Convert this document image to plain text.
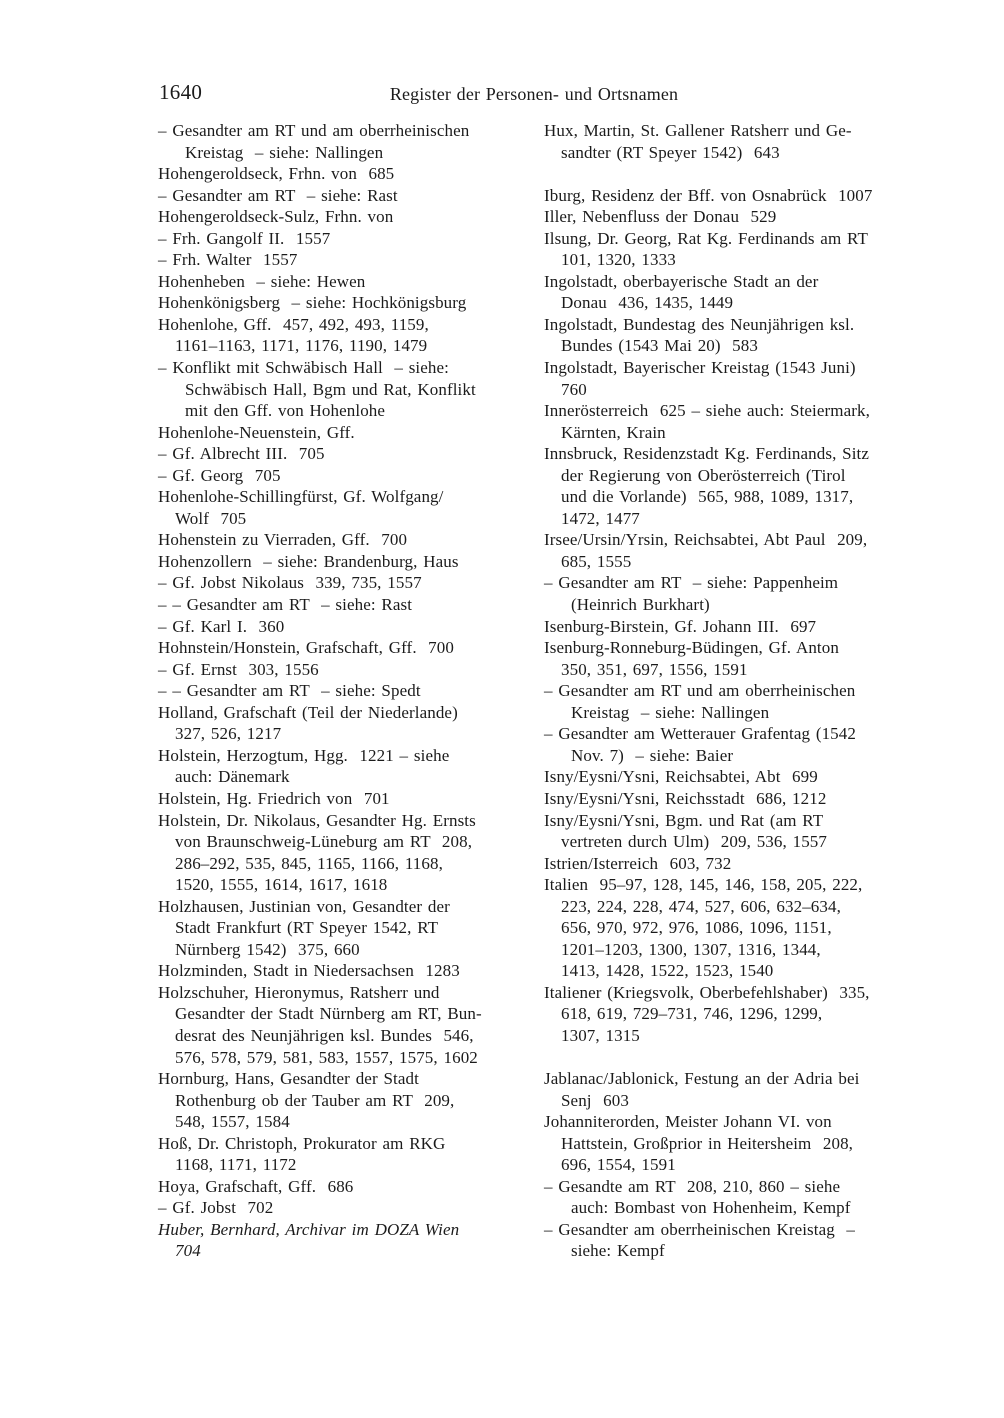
1640	Register der Personen- und Ortsnamen
– Gesandter am RT und am oberrheinischen
Kreistag  – siehe: Nallingen
Hohengeroldseck, Frhn. von  685
– Gesandter am RT  – siehe: Rast
Hohengeroldseck-Sulz, Frhn. von
– Frh. Gangolf II.  1557
– Frh. Walter  1557
Hohenheben  – siehe: Hewen
Hohenkönigsberg  – siehe: Hochkönigsburg
Hohenlohe, Gff.  457, 492, 493, 1159,
1161–1163, 1171, 1176, 1190, 1479
– Konflikt mit Schwäbisch Hall  – siehe:
Schwäbisch Hall, Bgm und Rat, Konflikt
mit den Gff. von Hohenlohe
Hohenlohe-Neuenstein, Gff.
– Gf. Albrecht III.  705
– Gf. Georg  705
Hohenlohe-Schillingfürst, Gf. Wolfgang/
Wolf  705
Hohenstein zu Vierraden, Gff.  700
Hohenzollern  – siehe: Brandenburg, Haus
– Gf. Jobst Nikolaus  339, 735, 1557
– – Gesandter am RT  – siehe: Rast
– Gf. Karl I.  360
Hohnstein/Honstein, Grafschaft, Gff.  700
– Gf. Ernst  303, 1556
– – Gesandter am RT  – siehe: Spedt
Holland, Grafschaft (Teil der Niederlande)
327, 526, 1217
Holstein, Herzogtum, Hgg.  1221 – siehe
auch: Dänemark
Holstein, Hg. Friedrich von  701
Holstein, Dr. Nikolaus, Gesandter Hg. Ernsts
von Braunschweig-Lüneburg am RT  208,
286–292, 535, 845, 1165, 1166, 1168,
1520, 1555, 1614, 1617, 1618
Holzhausen, Justinian von, Gesandter der
Stadt Frankfurt (RT Speyer 1542, RT
Nürnberg 1542)  375, 660
Holzminden, Stadt in Niedersachsen  1283
Holzschuher, Hieronymus, Ratsherr und
Gesandter der Stadt Nürnberg am RT, Bun-
desrat des Neunjährigen ksl. Bundes  546,
576, 578, 579, 581, 583, 1557, 1575, 1602
Hornburg, Hans, Gesandter der Stadt
Rothenburg ob der Tauber am RT  209,
548, 1557, 1584
Hoß, Dr. Christoph, Prokurator am RKG
1168, 1171, 1172
Hoya, Grafschaft, Gff.  686
– Gf. Jobst  702
Huber, Bernhard, Archivar im DOZA Wien
704
Hux, Martin, St. Gallener Ratsherr und Ge-
sandter (RT Speyer 1542)  643

Iburg, Residenz der Bff. von Osnabrück  1007
Iller, Nebenfluss der Donau  529
Ilsung, Dr. Georg, Rat Kg. Ferdinands am RT
101, 1320, 1333
Ingolstadt, oberbayerische Stadt an der
Donau  436, 1435, 1449
Ingolstadt, Bundestag des Neunjährigen ksl.
Bundes (1543 Mai 20)  583
Ingolstadt, Bayerischer Kreistag (1543 Juni)
760
Innerösterreich  625 – siehe auch: Steiermark,
Kärnten, Krain
Innsbruck, Residenzstadt Kg. Ferdinands, Sitz
der Regierung von Oberösterreich (Tirol
und die Vorlande)  565, 988, 1089, 1317,
1472, 1477
Irsee/Ursin/Yrsin, Reichsabtei, Abt Paul  209,
685, 1555
– Gesandter am RT  – siehe: Pappenheim
(Heinrich Burkhart)
Isenburg-Birstein, Gf. Johann III.  697
Isenburg-Ronneburg-Büdingen, Gf. Anton
350, 351, 697, 1556, 1591
– Gesandter am RT und am oberrheinischen
Kreistag  – siehe: Nallingen
– Gesandter am Wetterauer Grafentag (1542
Nov. 7)  – siehe: Baier
Isny/Eysni/Ysni, Reichsabtei, Abt  699
Isny/Eysni/Ysni, Reichsstadt  686, 1212
Isny/Eysni/Ysni, Bgm. und Rat (am RT
vertreten durch Ulm)  209, 536, 1557
Istrien/Isterreich  603, 732
Italien  95–97, 128, 145, 146, 158, 205, 222,
223, 224, 228, 474, 527, 606, 632–634,
656, 970, 972, 976, 1086, 1096, 1151,
1201–1203, 1300, 1307, 1316, 1344,
1413, 1428, 1522, 1523, 1540
Italiener (Kriegsvolk, Oberbefehlshaber)  335,
618, 619, 729–731, 746, 1296, 1299,
1307, 1315

Jablanac/Jablonick, Festung an der Adria bei
Senj  603
Johanniterorden, Meister Johann VI. von
Hattstein, Großprior in Heitersheim  208,
696, 1554, 1591
– Gesandte am RT  208, 210, 860 – siehe
auch: Bombast von Hohenheim, Kempf
– Gesandter am oberrheinischen Kreistag  –
siehe: Kempf
